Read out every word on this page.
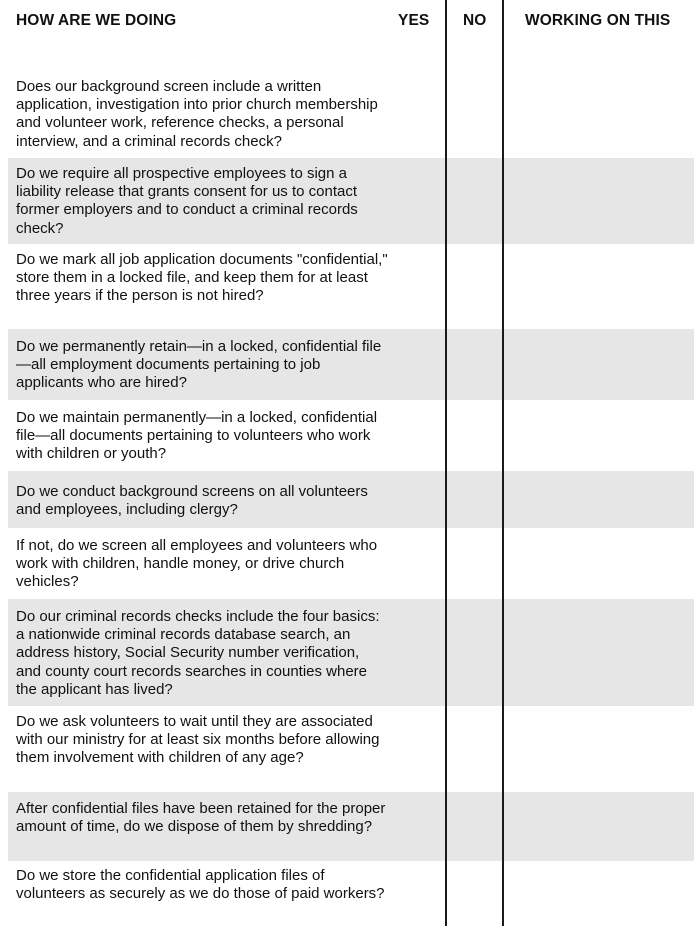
HOW ARE WE DOING	YES NO WORKING ON THIS
Does our background screen include a written application, investigation into prior church membership and volunteer work, reference checks, a personal interview, and a criminal records check?
Do we require all prospective employees to sign a liability release that grants consent for us to contact former employers and to conduct a criminal records check?
Do we mark all job application documents "confidential," store them in a locked file, and keep them for at least three years if the person is not hired?
Do we permanently retain—in a locked, confidential file—all employment documents pertaining to job applicants who are hired?
Do we maintain permanently—in a locked, confidential file—all documents pertaining to volunteers who work with children or youth?
Do we conduct background screens on all volunteers and employees, including clergy?
If not, do we screen all employees and volunteers who work with children, handle money, or drive church vehicles?
Do our criminal records checks include the four basics: a nationwide criminal records database search, an address history, Social Security number verification, and county court records searches in counties where the applicant has lived?
Do we ask volunteers to wait until they are associated with our ministry for at least six months before allowing them involvement with children of any age?
After confidential files have been retained for the proper amount of time, do we dispose of them by shredding?
Do we store the confidential application files of volunteers as securely as we do those of paid workers?
